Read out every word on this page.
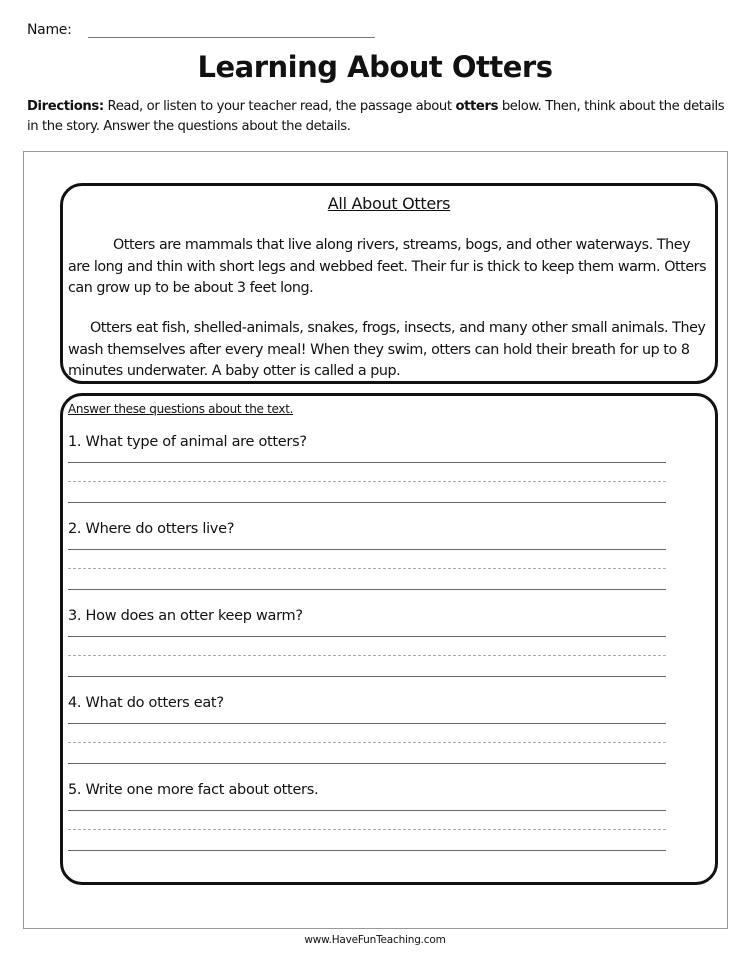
Name:
Learning About Otters
Directions: Read, or listen to your teacher read, the passage about otters below. Then, think about the details in the story. Answer the questions about the details.
All About Otters

Otters are mammals that live along rivers, streams, bogs, and other waterways. They are long and thin with short legs and webbed feet. Their fur is thick to keep them warm. Otters can grow up to be about 3 feet long.

Otters eat fish, shelled-animals, snakes, frogs, insects, and many other small animals. They wash themselves after every meal! When they swim, otters can hold their breath for up to 8 minutes underwater. A baby otter is called a pup.

Answer these questions about the text.
1. What type of animal are otters?
2. Where do otters live?
3. How does an otter keep warm?
4. What do otters eat?
5. Write one more fact about otters.
www.HaveFunTeaching.com
